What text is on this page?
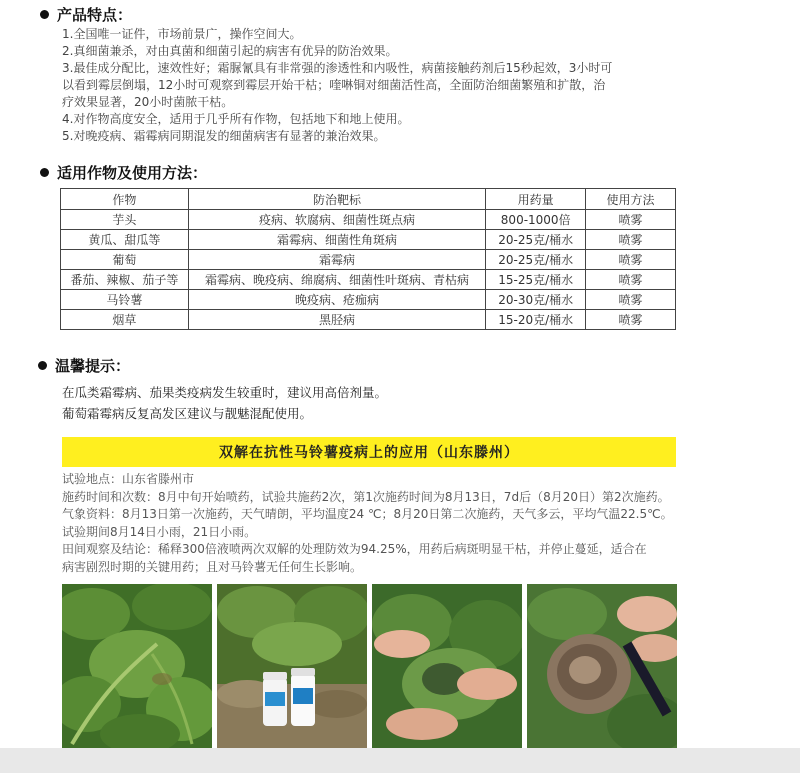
产品特点：

1.全国唯一证件，市场前景广，操作空间大。

2.真细菌兼杀，对由真菌和细菌引起的病害有优异的防治效果。

3.最佳成分配比，速效性好；霜脲氰具有非常强的渗透性和内吸性，病菌接触药剂后15秒起效，3小时可

以看到霉层倒塌，12小时可观察到霉层开始干枯；喹啉铜对细菌活性高，全面防治细菌繁殖和扩散，治

疗效果显著，20小时菌脓干枯。

4.对作物高度安全，适用于几乎所有作物，包括地下和地上使用。

5.对晚疫病、霜霉病同期混发的细菌病害有显著的兼治效果。

适用作物及使用方法：
作物	防治靶标	用药量	使用方法
芋头	疫病、软腐病、细菌性斑点病	800-1000倍	喷雾
黄瓜、甜瓜等	霜霉病、细菌性角斑病	20-25克/桶水	喷雾
葡萄	霜霉病	20-25克/桶水	喷雾
番茄、辣椒、茄子等	霜霉病、晚疫病、绵腐病、细菌性叶斑病、青枯病	15-25克/桶水	喷雾
马铃薯	晚疫病、疮痂病	20-30克/桶水	喷雾
烟草	黑胫病	15-20克/桶水	喷雾
温馨提示：

在瓜类霜霉病、茄果类疫病发生较重时，建议用高倍剂量。

葡萄霜霉病反复高发区建议与靓魅混配使用。

双解在抗性马铃薯疫病上的应用（山东滕州）

试验地点：山东省滕州市

施药时间和次数：8月中旬开始喷药，试验共施药2次，第1次施药时间为8月13日，7d后（8月20日）第2次施药。

气象资料：8月13日第一次施药，天气晴朗，平均温度24 ℃；8月20日第二次施药，天气多云，平均气温22.5℃。

试验期间8月14日小雨，21日小雨。

田间观察及结论：稀释300倍液喷两次双解的处理防效为94.25%，用药后病斑明显干枯，并停止蔓延，适合在

病害剧烈时期的关键用药；且对马铃薯无任何生长影响。
